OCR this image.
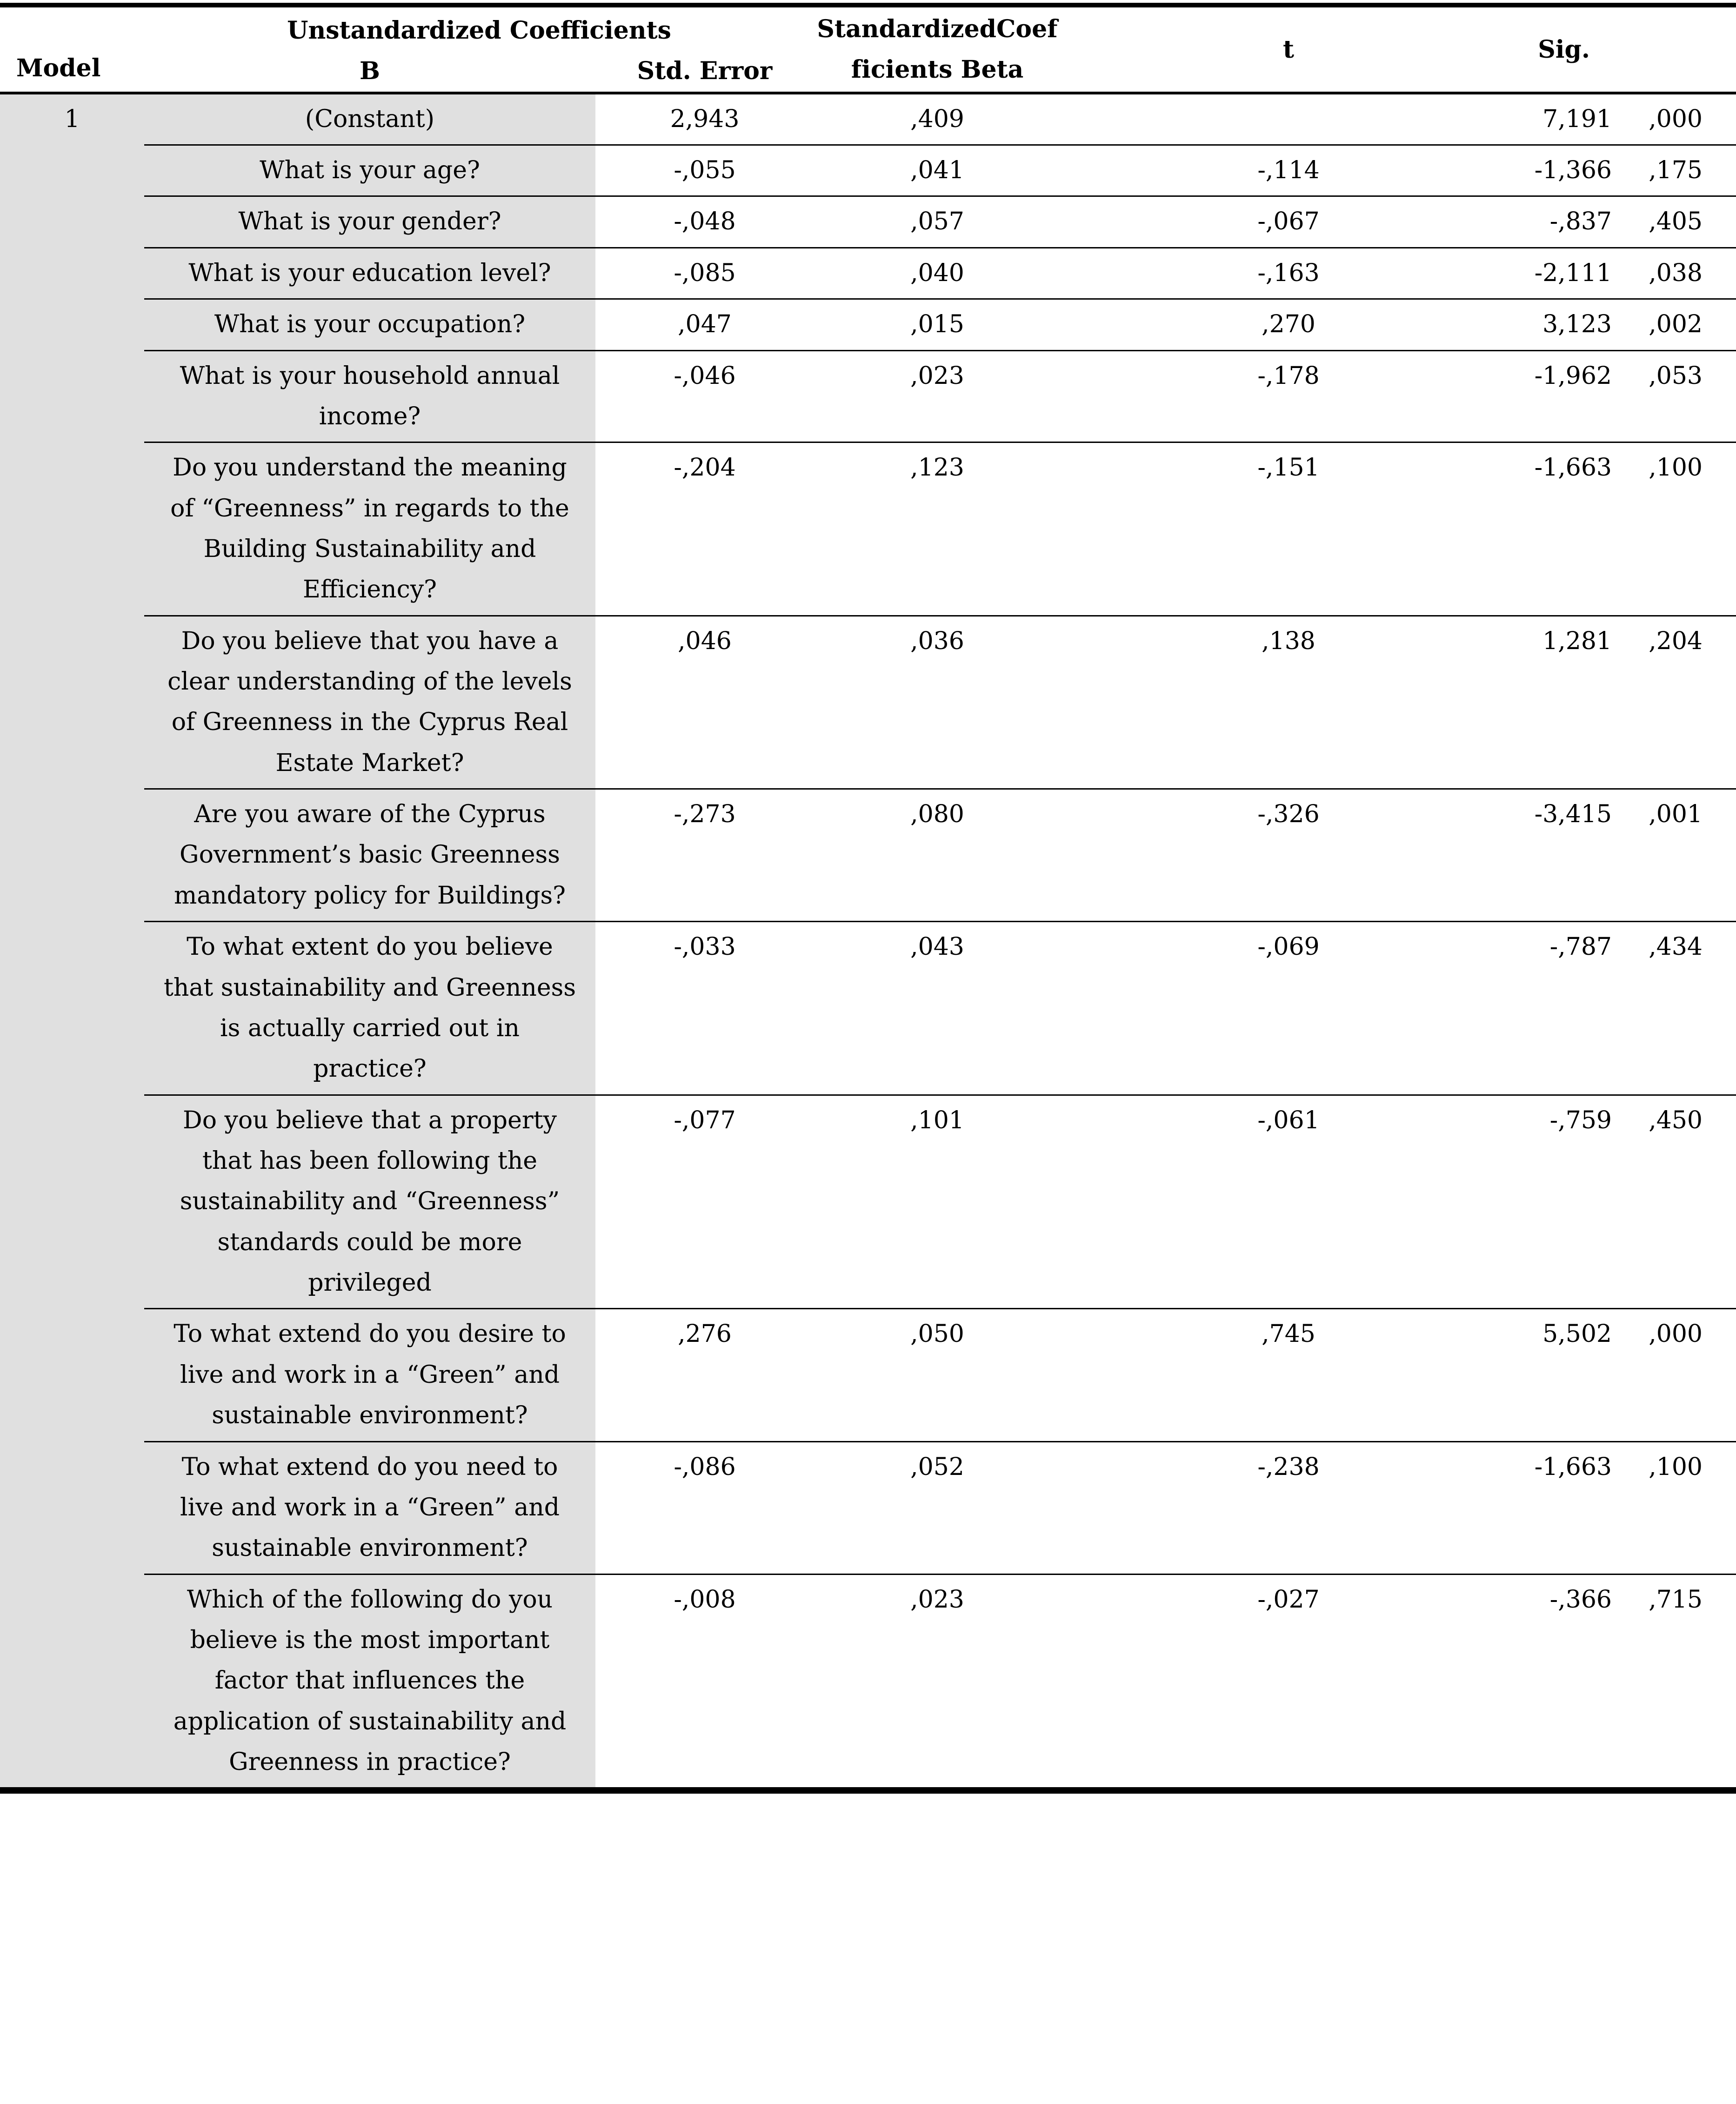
Model	Unstandardized Coefficients		StandardizedCoefficients Beta	t	Sig.	
	B	Std. Error				
1	(Constant)	2,943	,409		7,191	,000
	What is your age?	-,055	,041	-,114	-1,366	,175
	What is your gender?	-,048	,057	-,067	-,837	,405
	What is your education level?	-,085	,040	-,163	-2,111	,038
	What is your occupation?	,047	,015	,270	3,123	,002
	What is your household annual income?	-,046	,023	-,178	-1,962	,053
	Do you understand the meaning of “Greenness” in regards to the Building Sustainability and Efficiency?	-,204	,123	-,151	-1,663	,100
	Do you believe that you have a clear understanding of the levels of Greenness in the Cyprus Real Estate Market?	,046	,036	,138	1,281	,204
	Are you aware of the Cyprus Government’s basic Greenness mandatory policy for Buildings?	-,273	,080	-,326	-3,415	,001
	To what extent do you believe that sustainability and Greenness is actually carried out in practice?	-,033	,043	-,069	-,787	,434
	Do you believe that a property that has been following the sustainability and “Greenness” standards could be more privileged	-,077	,101	-,061	-,759	,450
	To what extend do you desire to live and work in a “Green” and sustainable environment?	,276	,050	,745	5,502	,000
	To what extend do you need to live and work in a “Green” and sustainable environment?	-,086	,052	-,238	-1,663	,100
	Which of the following do you believe is the most important factor that influences the application of sustainability and Greenness in practice?	-,008	,023	-,027	-,366	,715
